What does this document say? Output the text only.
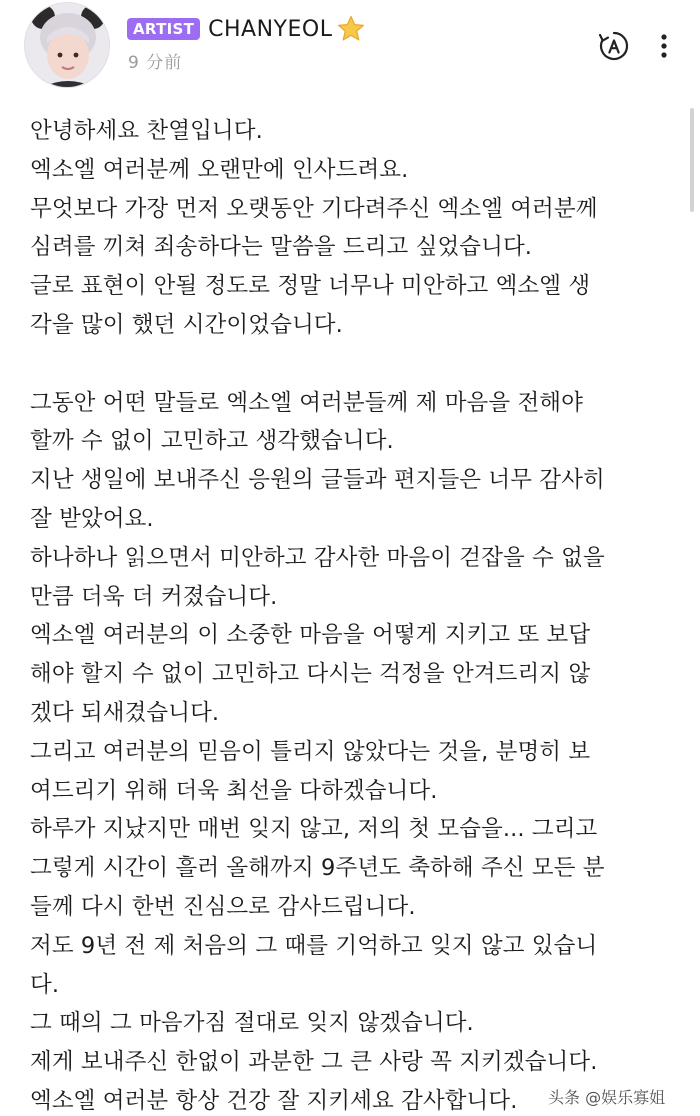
ARTIST CHANYEOL
9 分前
안녕하세요 찬열입니다.
엑소엘 여러분께 오랜만에 인사드려요.
무엇보다 가장 먼저 오랫동안 기다려주신 엑소엘 여러분께
심려를 끼쳐 죄송하다는 말씀을 드리고 싶었습니다.
글로 표현이 안될 정도로 정말 너무나 미안하고 엑소엘 생
각을 많이 했던 시간이었습니다.
그동안 어떤 말들로 엑소엘 여러분들께 제 마음을 전해야
할까 수 없이 고민하고 생각했습니다.
지난 생일에 보내주신 응원의 글들과 편지들은 너무 감사히
잘 받았어요.
하나하나 읽으면서 미안하고 감사한 마음이 걷잡을 수 없을
만큼 더욱 더 커졌습니다.
엑소엘 여러분의 이 소중한 마음을 어떻게 지키고 또 보답
해야 할지 수 없이 고민하고 다시는 걱정을 안겨드리지 않
겠다 되새겼습니다.
그리고 여러분의 믿음이 틀리지 않았다는 것을, 분명히 보
여드리기 위해 더욱 최선을 다하겠습니다.
하루가 지났지만 매번 잊지 않고, 저의 첫 모습을... 그리고
그렇게 시간이 흘러 올해까지 9주년도 축하해 주신 모든 분
들께 다시 한번 진심으로 감사드립니다.
저도 9년 전 제 처음의 그 때를 기억하고 잊지 않고 있습니
다.
그 때의 그 마음가짐 절대로 잊지 않겠습니다.
제게 보내주신 한없이 과분한 그 큰 사랑 꼭 지키겠습니다.
엑소엘 여러분 항상 건강 잘 지키세요 감사합니다.	头条 @娱乐寡姐
